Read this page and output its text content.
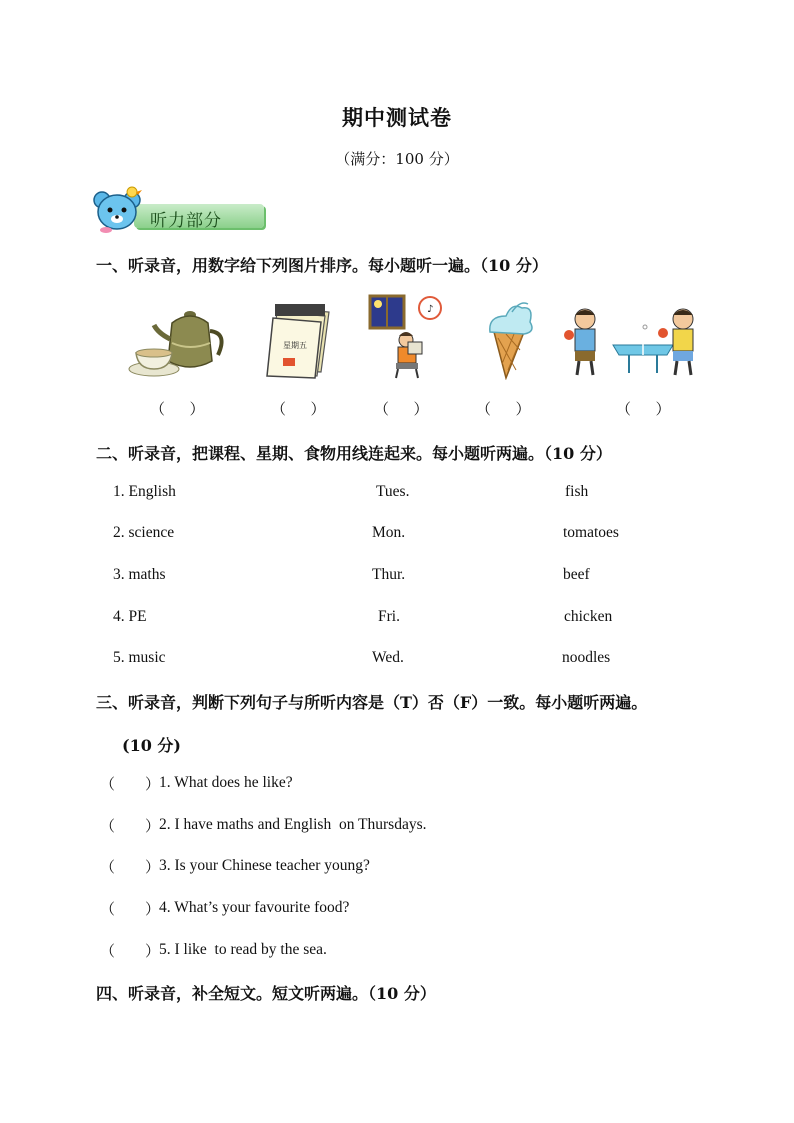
期中测试卷
（满分：100 分）
听力部分
一、听录音，用数字给下列图片排序。每小题听一遍。（10 分）
（ 　 ）
星期五
（ 　 ）
♪
（ 　 ）	（ 　 ）	（ 　 ）
二、听录音，把课程、星期、食物用线连起来。每小题听两遍。（10 分）
1. English	Tues.	fish
2. science	Mon.	tomatoes
3. maths	Thur.	beef
4. PE	Fri.	chicken
5. music	Wed.	noodles
三、听录音，判断下列句子与所听内容是（T）否（F）一致。每小题听两遍。
(10 分)
（　　）
1. What does he like?
（　　）
2. I have maths and English  on Thursdays.
（　　）
3. Is your Chinese teacher young?
（　　）
4. What’s your favourite food?
（　　）
5. I like  to read by the sea.
四、听录音，补全短文。短文听两遍。（10 分）
